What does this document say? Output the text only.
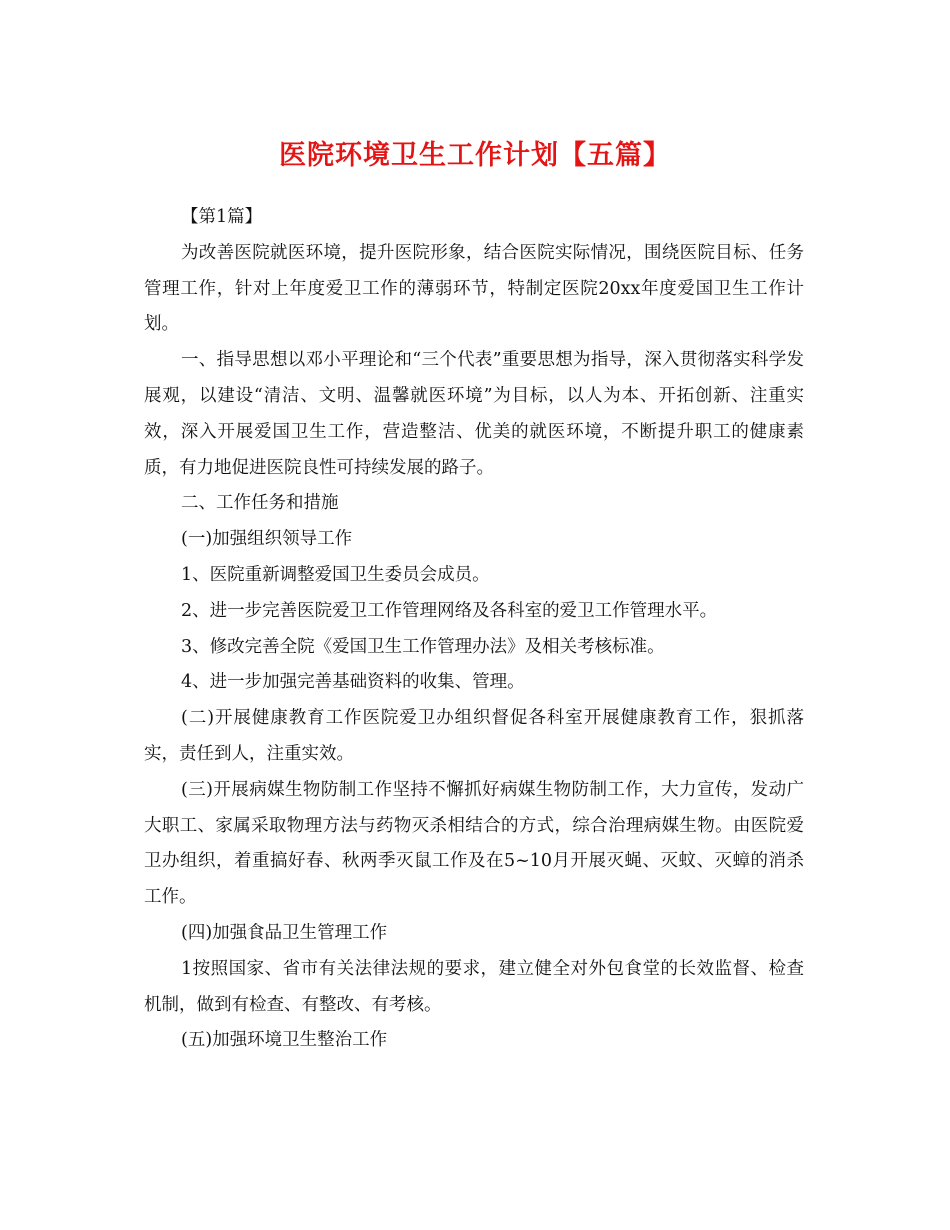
医院环境卫生工作计划【五篇】

【第1篇】

为改善医院就医环境，提升医院形象，结合医院实际情况，围绕医院目标、任务管理工作，针对上年度爱卫工作的薄弱环节，特制定医院20xx年度爱国卫生工作计划。

一、指导思想以邓小平理论和“三个代表”重要思想为指导，深入贯彻落实科学发展观，以建设“清洁、文明、温馨就医环境”为目标，以人为本、开拓创新、注重实效，深入开展爱国卫生工作，营造整洁、优美的就医环境，不断提升职工的健康素质，有力地促进医院良性可持续发展的路子。

二、工作任务和措施

(一)加强组织领导工作

1、医院重新调整爱国卫生委员会成员。

2、进一步完善医院爱卫工作管理网络及各科室的爱卫工作管理水平。

3、修改完善全院《爱国卫生工作管理办法》及相关考核标准。

4、进一步加强完善基础资料的收集、管理。

(二)开展健康教育工作医院爱卫办组织督促各科室开展健康教育工作，狠抓落实，责任到人，注重实效。

(三)开展病媒生物防制工作坚持不懈抓好病媒生物防制工作，大力宣传，发动广大职工、家属采取物理方法与药物灭杀相结合的方式，综合治理病媒生物。由医院爱卫办组织，着重搞好春、秋两季灭鼠工作及在5~10月开展灭蝇、灭蚊、灭蟑的消杀工作。

(四)加强食品卫生管理工作

1按照国家、省市有关法律法规的要求，建立健全对外包食堂的长效监督、检查机制，做到有检查、有整改、有考核。

(五)加强环境卫生整治工作
